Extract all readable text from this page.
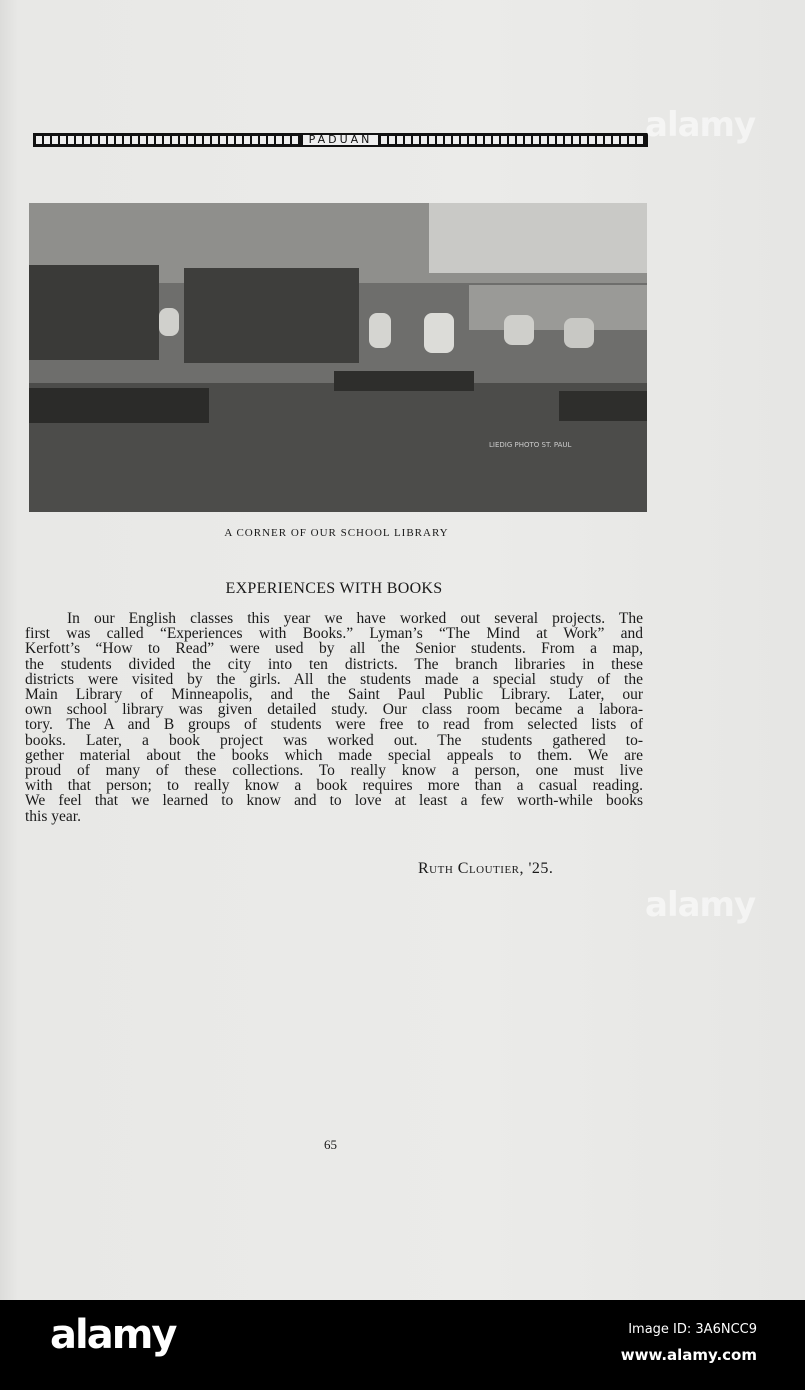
PADUAN
LIEDIG PHOTO ST. PAUL
A CORNER OF OUR SCHOOL LIBRARY
EXPERIENCES WITH BOOKS
In our English classes this year we have worked out several projects. The
first was called “Experiences with Books.” Lyman’s “The Mind at Work” and
Kerfott’s “How to Read” were used by all the Senior students. From a map,
the students divided the city into ten districts. The branch libraries in these
districts were visited by the girls. All the students made a special study of the
Main Library of Minneapolis, and the Saint Paul Public Library. Later, our
own school library was given detailed study. Our class room became a labora-
tory. The A and B groups of students were free to read from selected lists of
books. Later, a book project was worked out. The students gathered to-
gether material about the books which made special appeals to them. We are
proud of many of these collections. To really know a person, one must live
with that person; to really know a book requires more than a casual reading.
We feel that we learned to know and to love at least a few worth-while books
this year.
Ruth Cloutier, '25.
65
alamy
alamy
alamy	Image ID: 3A6NCC9
www.alamy.com
